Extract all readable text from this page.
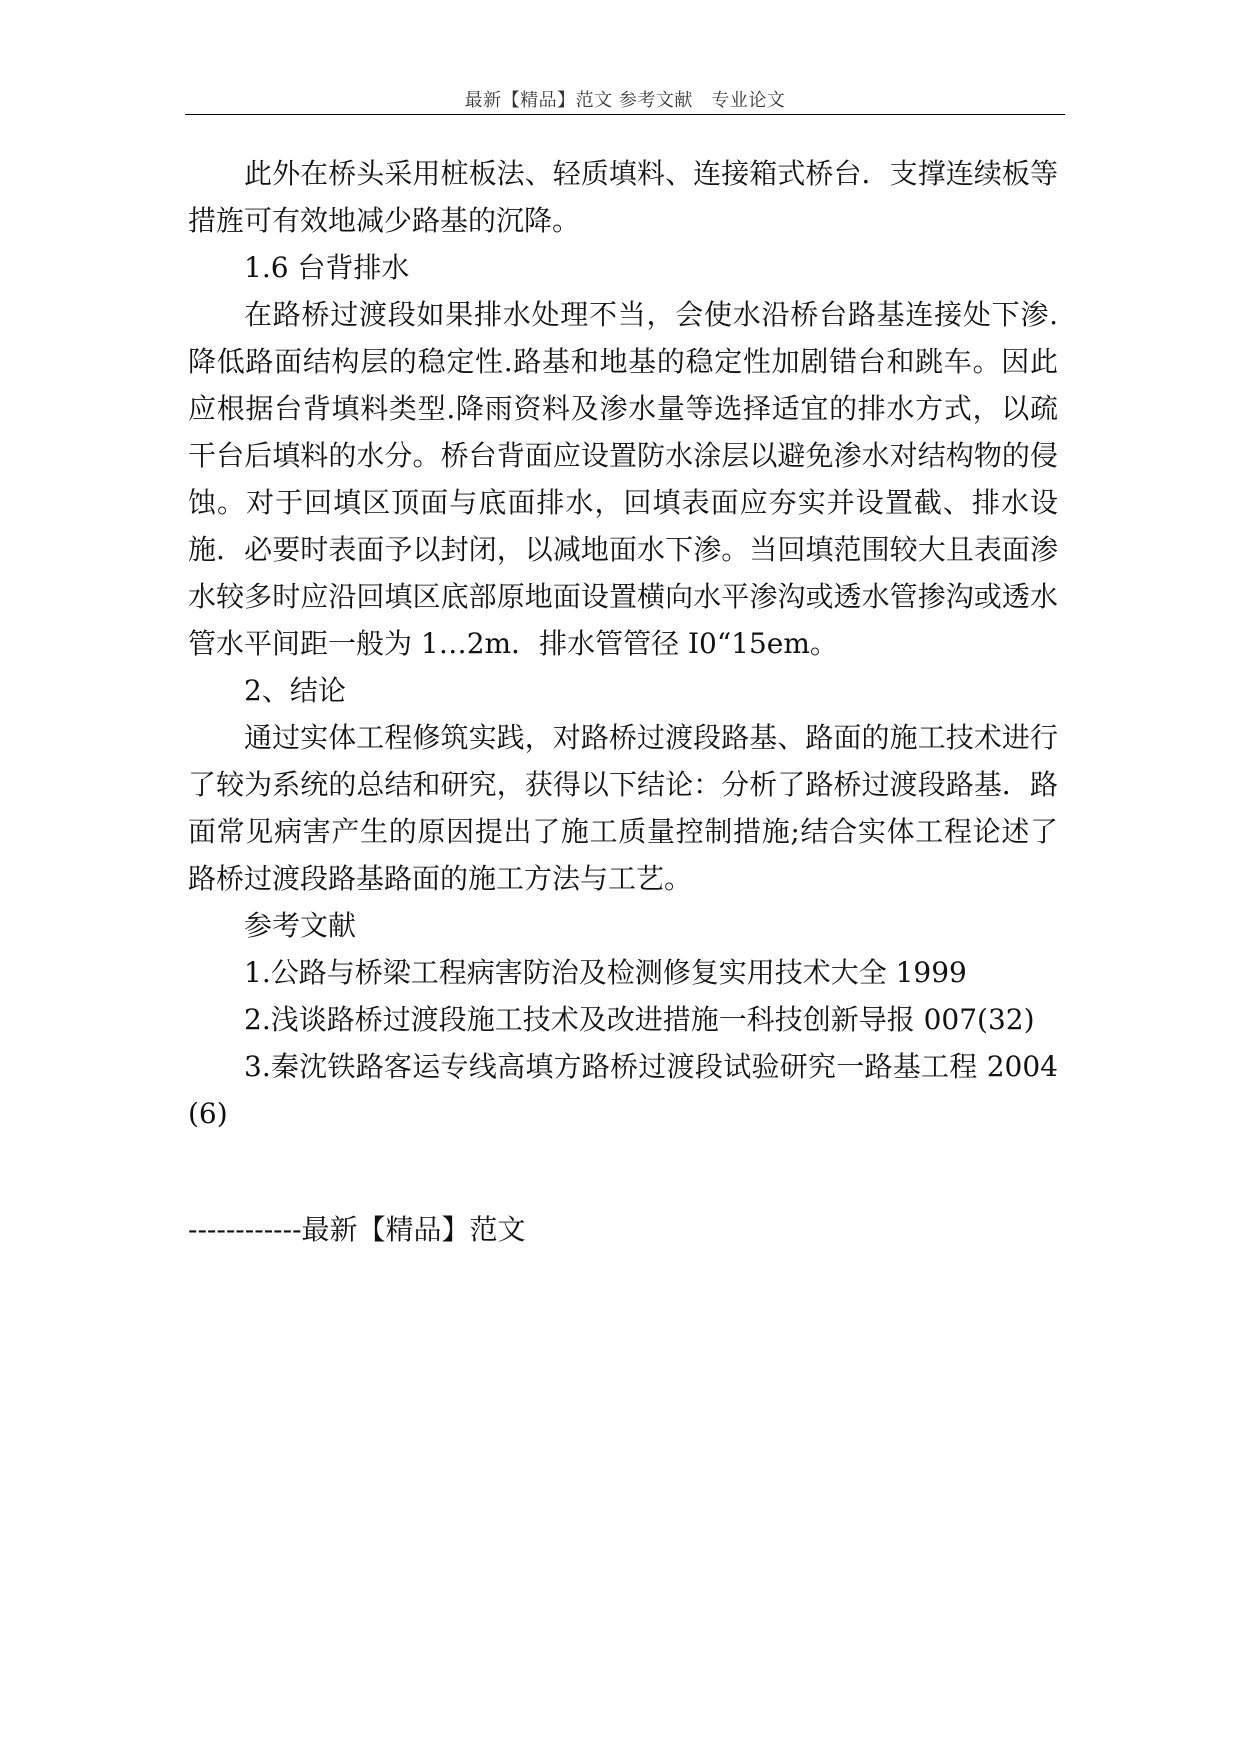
最新【精品】范文 参考文献　专业论文

此外在桥头采用桩板法、轻质填料、连接箱式桥台．支撑连续板等措旌可有效地减少路基的沉降。

1.6 台背排水

在路桥过渡段如果排水处理不当，会使水沿桥台路基连接处下渗.降低路面结构层的稳定性.路基和地基的稳定性加剧错台和跳车。因此应根据台背填料类型.降雨资料及渗水量等选择适宜的排水方式，以疏干台后填料的水分。桥台背面应设置防水涂层以避免渗水对结构物的侵蚀。对于回填区顶面与底面排水，回填表面应夯实并设置截、排水设施．必要时表面予以封闭，以减地面水下渗。当回填范围较大且表面渗水较多时应沿回填区底部原地面设置横向水平渗沟或透水管掺沟或透水管水平间距一般为 1…2m．排水管管径 I0“15em。

2、结论

通过实体工程修筑实践，对路桥过渡段路基、路面的施工技术进行了较为系统的总结和研究，获得以下结论：分析了路桥过渡段路基．路面常见病害产生的原因提出了施工质量控制措施;结合实体工程论述了路桥过渡段路基路面的施工方法与工艺。

参考文献

1.公路与桥梁工程病害防治及检测修复实用技术大全 1999

2.浅谈路桥过渡段施工技术及改进措施一科技创新导报 007(32)

3.秦沈铁路客运专线高填方路桥过渡段试验研究一路基工程 2004(6)

------------最新【精品】范文
